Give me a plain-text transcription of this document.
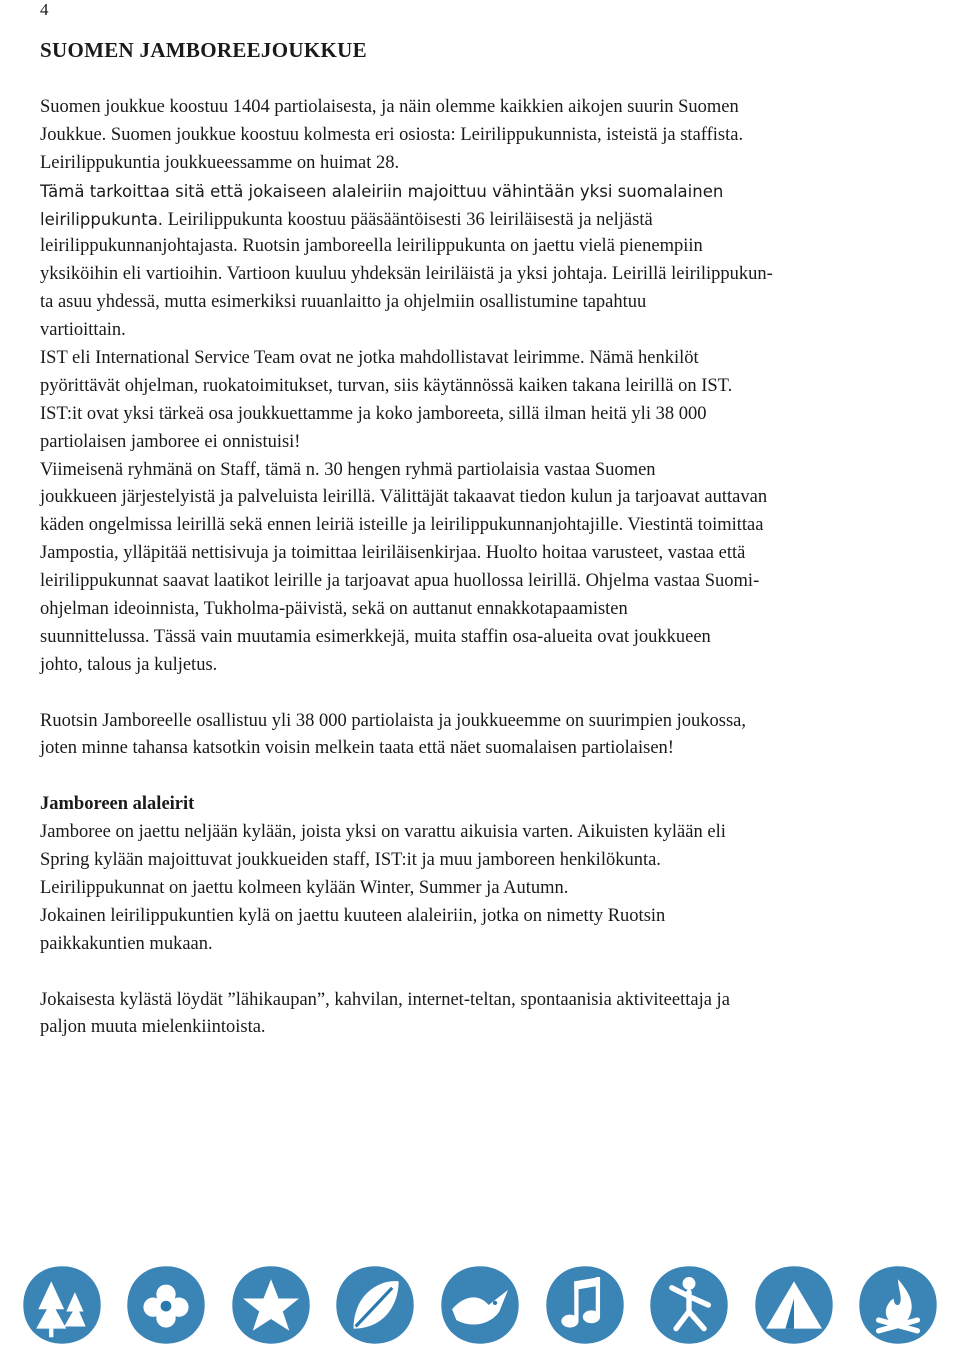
4
SUOMEN JAMBOREEJOUKKUE
Suomen joukkue koostuu 1404 partiolaisesta, ja näin olemme kaikkien aikojen suurin Suomen
Joukkue. Suomen joukkue koostuu kolmesta eri osiosta: Leirilippukunnista, isteistä ja staffista.
Leirilippukuntia joukkueessamme on huimat 28.
Tämä tarkoittaa sitä että jokaiseen alaleiriin majoittuu vähintään yksi suomalainen
leirilippukunta. Leirilippukunta koostuu pääsääntöisesti 36 leiriläisestä ja neljästä
leirilippukunnanjohtajasta. Ruotsin jamboreella leirilippukunta on jaettu vielä pienempiin
yksiköihin eli vartioihin. Vartioon kuuluu yhdeksän leiriläistä ja yksi johtaja. Leirillä leirilippukun-
ta asuu yhdessä, mutta esimerkiksi ruuanlaitto ja ohjelmiin osallistumine tapahtuu
vartioittain.
IST eli International Service Team ovat ne jotka mahdollistavat leirimme. Nämä henkilöt
pyörittävät ohjelman, ruokatoimitukset, turvan, siis käytännössä kaiken takana leirillä on IST.
IST:it ovat yksi tärkeä osa joukkuettamme ja koko jamboreeta, sillä ilman heitä yli 38 000
partiolaisen jamboree ei onnistuisi!
Viimeisenä ryhmänä on Staff, tämä n. 30 hengen ryhmä partiolaisia vastaa Suomen
joukkueen järjestelyistä ja palveluista leirillä. Välittäjät takaavat tiedon kulun ja tarjoavat auttavan
käden ongelmissa leirillä sekä ennen leiriä isteille ja leirilippukunnanjohtajille. Viestintä toimittaa
Jampostia, ylläpitää nettisivuja ja toimittaa leiriläisenkirjaa. Huolto hoitaa varusteet, vastaa että
leirilippukunnat saavat laatikot leirille ja tarjoavat apua huollossa leirillä. Ohjelma vastaa Suomi-
ohjelman ideoinnista, Tukholma-päivistä, sekä on auttanut ennakkotapaamisten
suunnittelussa. Tässä vain muutamia esimerkkejä, muita staffin osa-alueita ovat joukkueen
johto, talous ja kuljetus.
Ruotsin Jamboreelle osallistuu yli 38 000 partiolaista ja joukkueemme on suurimpien joukossa,
joten minne tahansa katsotkin voisin melkein taata että näet suomalaisen partiolaisen!
Jamboreen alaleirit
Jamboree on jaettu neljään kylään, joista yksi on varattu aikuisia varten. Aikuisten kylään eli
Spring kylään majoittuvat joukkueiden staff, IST:it ja muu jamboreen henkilökunta.
Leirilippukunnat on jaettu kolmeen kylään Winter, Summer ja Autumn.
Jokainen leirilippukuntien kylä on jaettu kuuteen alaleiriin, jotka on nimetty Ruotsin
paikkakuntien mukaan.
Jokaisesta kylästä löydät ”lähikaupan”, kahvilan, internet-teltan, spontaanisia aktiviteettaja ja
paljon muuta mielenkiintoista.
